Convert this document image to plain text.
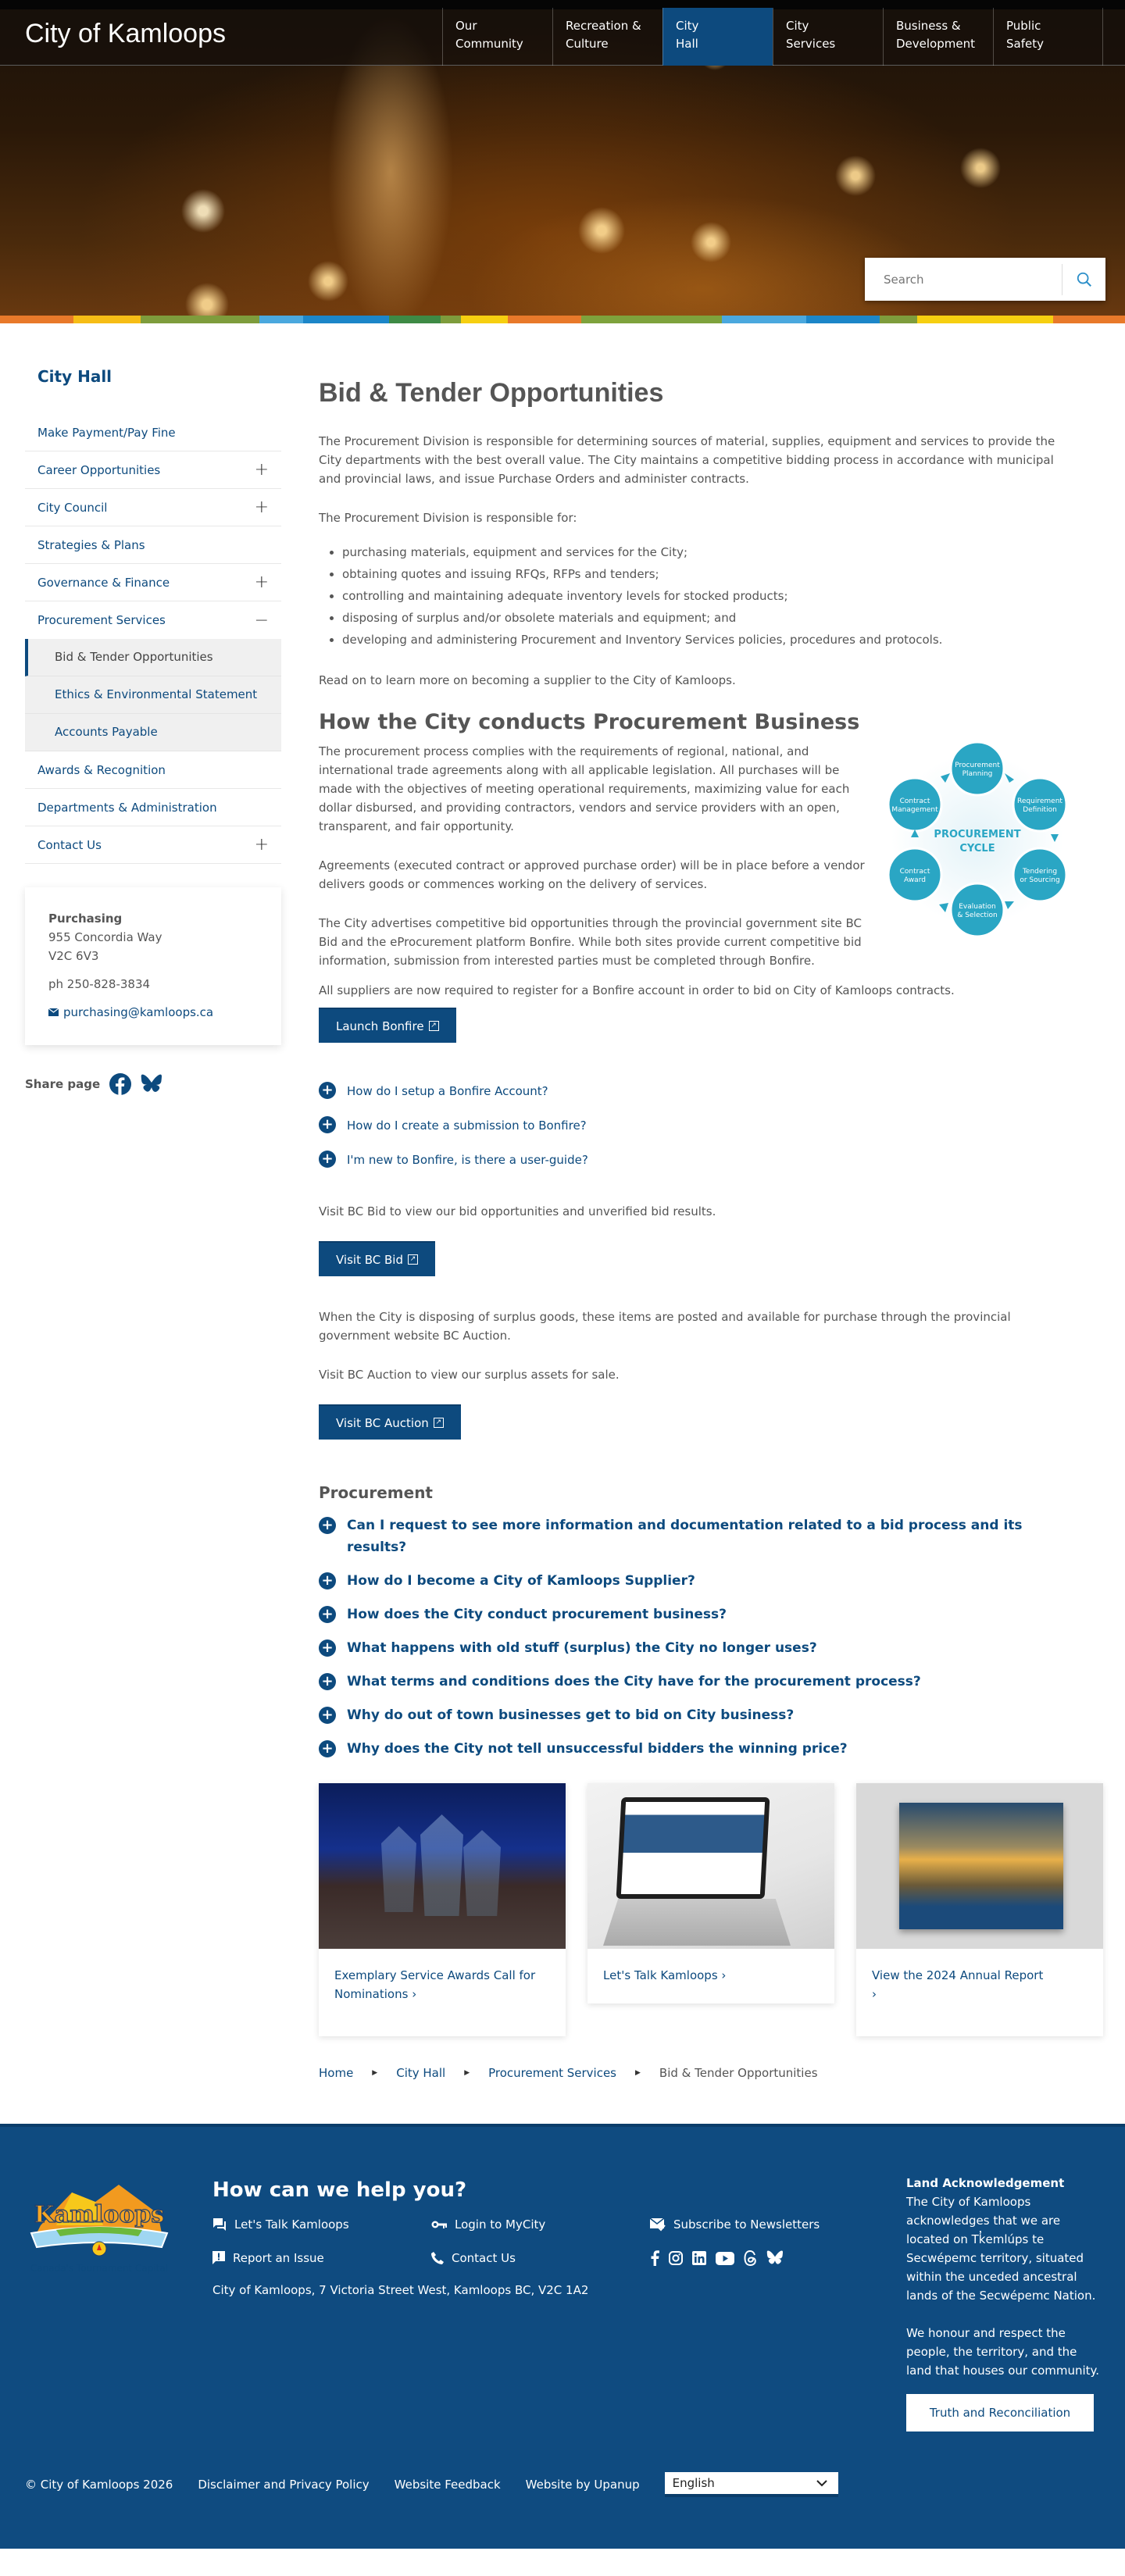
City of Kamloops	Our
Community
Recreation &
Culture
City
Hall
City
Services
Business &
Development
Public
Safety
Search
City Hall
Make Payment/Pay Fine
Career Opportunities	+
City Council	+
Strategies & Plans
Governance & Finance	+
Procurement Services	−
Bid & Tender Opportunities
Ethics & Environmental Statement
Accounts Payable
Awards & Recognition
Departments & Administration
Contact Us	+
Purchasing
955 Concordia Way
V2C 6V3
ph 250-828-3834
purchasing@kamloops.ca
Share page
Bid & Tender Opportunities

The Procurement Division is responsible for determining sources of material, supplies, equipment and services to provide the City departments with the best overall value. The City maintains a competitive bidding process in accordance with municipal and provincial laws, and issue Purchase Orders and administer contracts.

The Procurement Division is responsible for:

• purchasing materials, equipment and services for the City;
• obtaining quotes and issuing RFQs, RFPs and tenders;
• controlling and maintaining adequate inventory levels for stocked products;
• disposing of surplus and/or obsolete materials and equipment; and
• developing and administering Procurement and Inventory Services policies, procedures and protocols.

Read on to learn more on becoming a supplier to the City of Kamloops.

How the City conducts Procurement Business

The procurement process complies with the requirements of regional, national, and international trade agreements along with all applicable legislation. All purchases will be made with the objectives of meeting operational requirements, maximizing value for each dollar disbursed, and providing contractors, vendors and service providers with an open, transparent, and fair opportunity.

Agreements (executed contract or approved purchase order) will be in place before a vendor delivers goods or commences working on the delivery of services.

The City advertises competitive bid opportunities through the provincial government site BC Bid and the eProcurement platform Bonfire. While both sites provide current competitive bid information, submission from interested parties must be completed through Bonfire.

Procurement
Planning
Requirement
Definition
Tendering
or Sourcing
Evaluation
& Selection
Contract
Award
Contract
Management
PROCUREMENT
CYCLE

All suppliers are now required to register for a Bonfire account in order to bid on City of Kamloops contracts.

Launch Bonfire ↗
+ How do I setup a Bonfire Account?
+ How do I create a submission to Bonfire?
+ I'm new to Bonfire, is there a user-guide?

Visit BC Bid to view our bid opportunities and unverified bid results.

Visit BC Bid ↗

When the City is disposing of surplus goods, these items are posted and available for purchase through the provincial government website BC Auction.

Visit BC Auction to view our surplus assets for sale.

Visit BC Auction ↗
Procurement
+ Can I request to see more information and documentation related to a bid process and its results?
+ How do I become a City of Kamloops Supplier?
+ How does the City conduct procurement business?
+ What happens with old stuff (surplus) the City no longer uses?
+ What terms and conditions does the City have for the procurement process?
+ Why do out of town businesses get to bid on City business?
+ Why does the City not tell unsuccessful bidders the winning price?
Exemplary Service Awards Call for Nominations ›
Let's Talk Kamloops ›	View the 2024 Annual Report
›
Home	▶ City Hall	▶ Procurement Services	▶ Bid & Tender Opportunities
Kamloops
Canada's Tournament Capital
How can we help you?
Let's Talk Kamloops	Login to MyCity	Subscribe to Newsletters
Report an Issue	Contact Us
City of Kamloops, 7 Victoria Street West, Kamloops BC, V2C 1A2
Land Acknowledgement
The City of Kamloops acknowledges that we are located on Tk̓emlúps te Secwépemc territory, situated within the unceded ancestral lands of the Secwépemc Nation.
We honour and respect the people, the territory, and the land that houses our community.
Truth and Reconciliation
© City of Kamloops 2026 Disclaimer and Privacy Policy Website Feedback Website by Upanup	English
